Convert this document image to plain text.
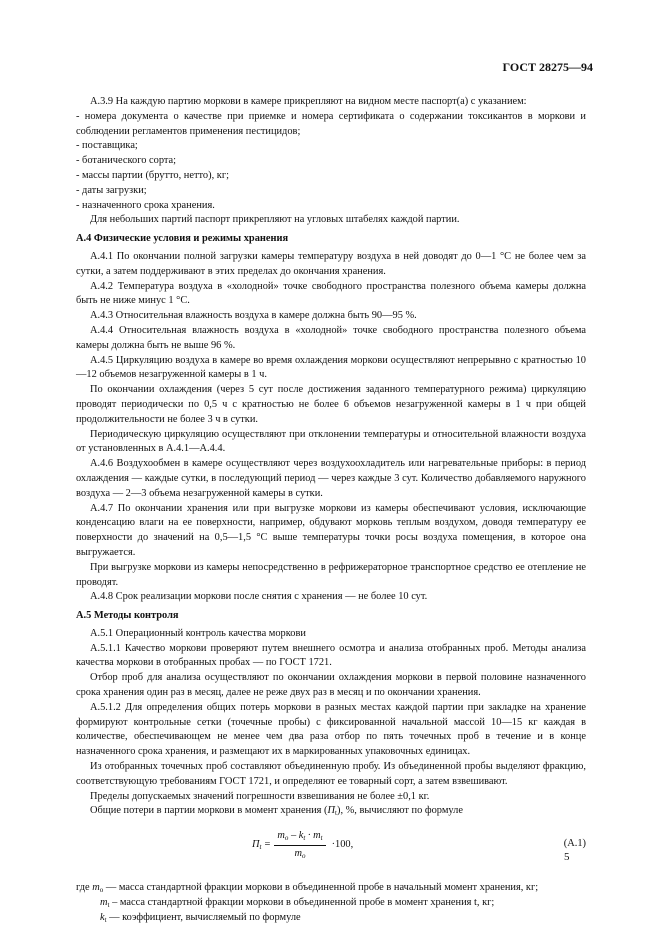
ГОСТ 28275—94

А.3.9 На каждую партию моркови в камере прикрепляют на видном месте паспорт(а) с указанием:

- номера документа о качестве при приемке и номера сертификата о содержании токсикантов в моркови и соблюдении регламентов применения пестицидов;

- поставщика;

- ботанического сорта;

- массы партии (брутто, нетто), кг;

- даты загрузки;

- назначенного срока хранения.

Для небольших партий паспорт прикрепляют на угловых штабелях каждой партии.

А.4 Физические условия и режимы хранения

А.4.1 По окончании полной загрузки камеры температуру воздуха в ней доводят до 0—1 °С не более чем за сутки, а затем поддерживают в этих пределах до окончания хранения.

А.4.2 Температура воздуха в «холодной» точке свободного пространства полезного объема камеры должна быть не ниже минус 1 °С.

А.4.3 Относительная влажность воздуха в камере должна быть 90—95 %.

А.4.4 Относительная влажность воздуха в «холодной» точке свободного пространства полезного объема камеры должна быть не выше 96 %.

А.4.5 Циркуляцию воздуха в камере во время охлаждения моркови осуществляют непрерывно с кратностью 10—12 объемов незагруженной камеры в 1 ч.

По окончании охлаждения (через 5 сут после достижения заданного температурного режима) циркуляцию проводят периодически по 0,5 ч с кратностью не более 6 объемов незагруженной камеры в 1 ч при общей продолжительности не более 3 ч в сутки.

Периодическую циркуляцию осуществляют при отклонении температуры и относительной влажности воздуха от установленных в А.4.1—А.4.4.

А.4.6 Воздухообмен в камере осуществляют через воздухоохладитель или нагревательные приборы: в период охлаждения — каждые сутки, в последующий период — через каждые 3 сут. Количество добавляемого наружного воздуха — 2—3 объема незагруженной камеры в сутки.

А.4.7 По окончании хранения или при выгрузке моркови из камеры обеспечивают условия, исключающие конденсацию влаги на ее поверхности, например, обдувают морковь теплым воздухом, доводя температуру ее поверхности до значений на 0,5—1,5 °С выше температуры точки росы воздуха помещения, в которое она выгружается.

При выгрузке моркови из камеры непосредственно в рефрижераторное транспортное средство ее отепление не проводят.

А.4.8 Срок реализации моркови после снятия с хранения — не более 10 сут.

А.5 Методы контроля

А.5.1 Операционный контроль качества моркови

А.5.1.1 Качество моркови проверяют путем внешнего осмотра и анализа отобранных проб. Методы анализа качества моркови в отобранных пробах — по ГОСТ 1721.

Отбор проб для анализа осуществляют по окончании охлаждения моркови в первой половине назначенного срока хранения один раз в месяц, далее не реже двух раз в месяц и по окончании хранения.

А.5.1.2 Для определения общих потерь моркови в разных местах каждой партии при закладке на хранение формируют контрольные сетки (точечные пробы) с фиксированной начальной массой 10—15 кг каждая в количестве, обеспечивающем не менее чем два раза отбор по пять точечных проб в течение и в конце назначенного срока хранения, и размещают их в маркированных упаковочных единицах.

Из отобранных точечных проб составляют объединенную пробу. Из объединенной пробы выделяют фракцию, соответствующую требованиям ГОСТ 1721, и определяют ее товарный сорт, а затем взвешивают.

Пределы допускаемых значений погрешности взвешивания не более ±0,1 кг.

Общие потери в партии моркови в момент хранения $(П_t)$, %, вычисляют по формуле

$П_t = \frac{m_o - k_t \cdot m_t}{m_o} \cdot 100$,	(А.1)

где $m_o$ — масса стандартной фракции моркови в объединенной пробе в начальный момент хранения, кг;

$m_t$ – масса стандартной фракции моркови в объединенной пробе в момент хранения t, кг;

$k_t$ — коэффициент, вычисляемый по формуле

5
